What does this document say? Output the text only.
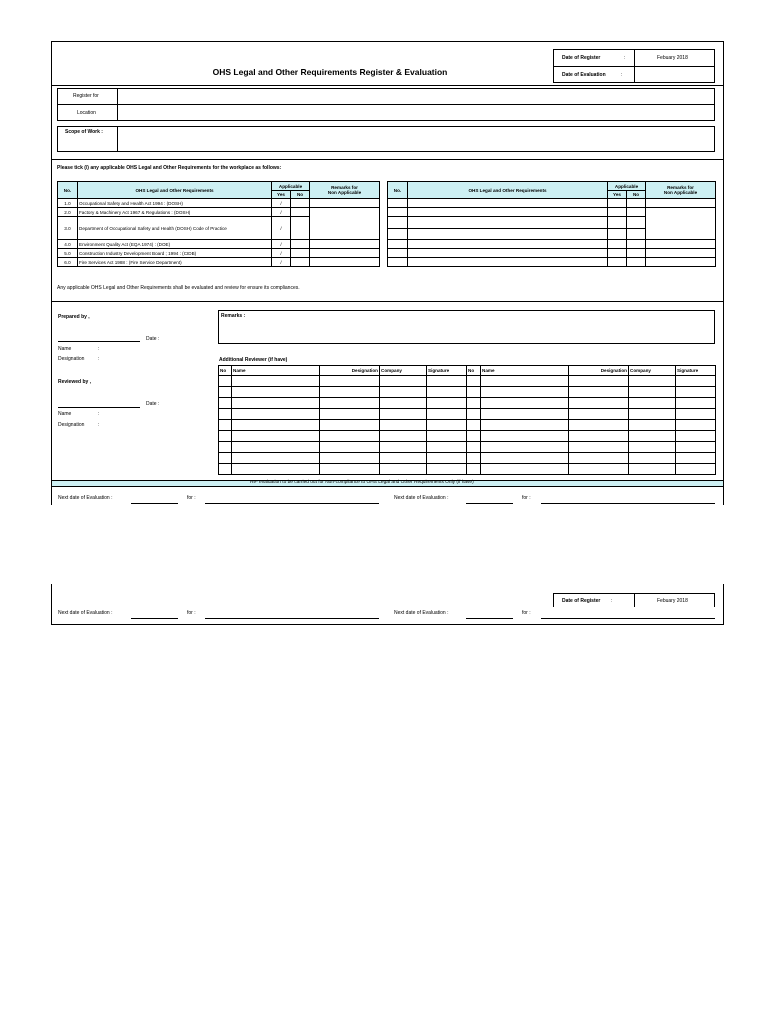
OHS Legal and Other Requirements Register & Evaluation
Date of Register	:	Febuary 2018
Date of Evaluation	:
Register for
Location
Scope of Work :
Please tick (/) any applicable OHS Legal and Other Requirements for the workplace as follows:
No.	OHS Legal and Other Requirements	Applicable		Remarks for
Non Applicable
		Yes	No	
1.0	Occupational Safety and Health Act 1994 : (DOSH)	/		
2.0	Factory & Machinery Act 1967 & Regulations : (DOSH)	/		
3.0	Department of Occupational Safety and Health (DOSH) Code of Practice	/		
4.0	Environment Quality Act (EQA 1974) : (DOE)	/		
5.0	Construction Industry Development Board ; 1994 : (CIDB)	/		
6.0	Fire Services Act 1988 : (Fire Service Department)	/		
No.	OHS Legal and Other Requirements	Applicable		Remarks for
Non Applicable
		Yes	No	

Any applicable OHS Legal and Other Requirements shall be evaluated and review for ensure its compliances.
Prepared by ,
Date :
Name	:
Designation	:
Reviewed by ,
Date :
Name	:
Designation	:
Remarks :
Additional Reviewer (if have)
No	Name	Designation	Company	Signature	No	Name	Designation	Company	Signature

Re- evaluation to be carried out for Non-compliance to OHS Legal and Other Requirements Only (if have)
Next date of Evaluation :	for :	Next date of Evaluation :	for :
Date of Register :	Febuary 2018
Next date of Evaluation :	for :	Next date of Evaluation :	for :
